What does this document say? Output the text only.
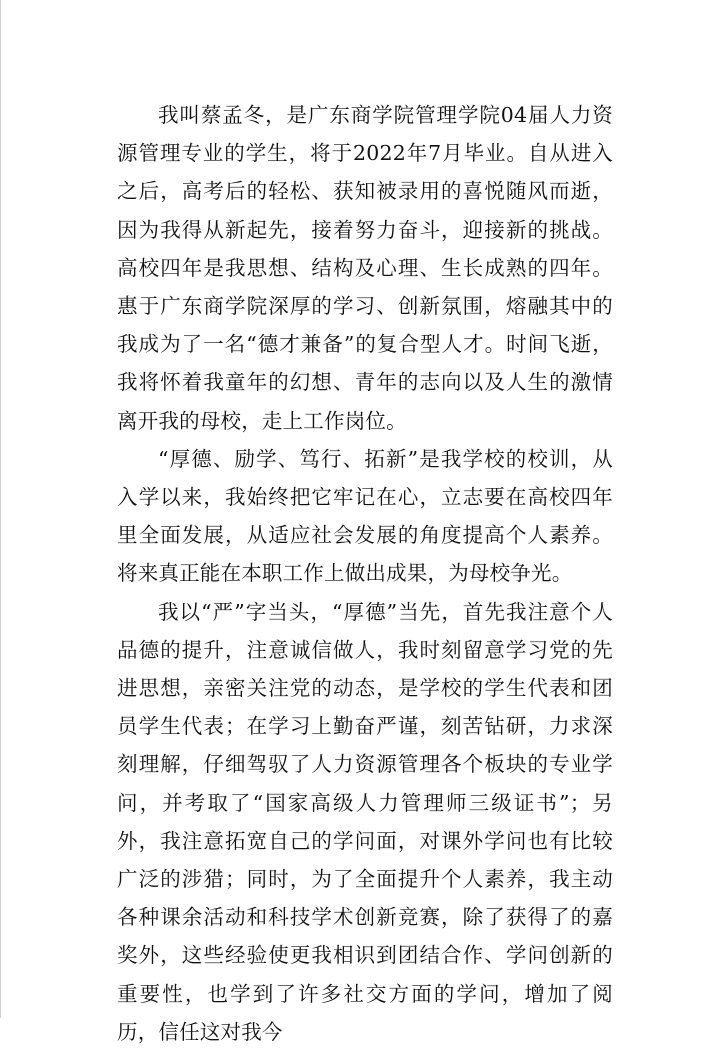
我叫蔡孟冬，是广东商学院管理学院04届人力资源管理专业的学生，将于2022年7月毕业。自从进入之后，高考后的轻松、获知被录用的喜悦随风而逝，因为我得从新起先，接着努力奋斗，迎接新的挑战。高校四年是我思想、结构及心理、生长成熟的四年。惠于广东商学院深厚的学习、创新氛围，熔融其中的我成为了一名“德才兼备”的复合型人才。时间飞逝，我将怀着我童年的幻想、青年的志向以及人生的激情离开我的母校，走上工作岗位。

“厚德、励学、笃行、拓新”是我学校的校训，从入学以来，我始终把它牢记在心，立志要在高校四年里全面发展，从适应社会发展的角度提高个人素养。将来真正能在本职工作上做出成果，为母校争光。

我以“严”字当头，“厚德”当先，首先我注意个人品德的提升，注意诚信做人，我时刻留意学习党的先进思想，亲密关注党的动态，是学校的学生代表和团员学生代表；在学习上勤奋严谨，刻苦钻研，力求深刻理解，仔细驾驭了人力资源管理各个板块的专业学问，并考取了“国家高级人力管理师三级证书”；另外，我注意拓宽自己的学问面，对课外学问也有比较广泛的涉猎；同时，为了全面提升个人素养，我主动各种课余活动和科技学术创新竞赛，除了获得了的嘉奖外，这些经验使更我相识到团结合作、学问创新的重要性，也学到了许多社交方面的学问，增加了阅历，信任这对我今
